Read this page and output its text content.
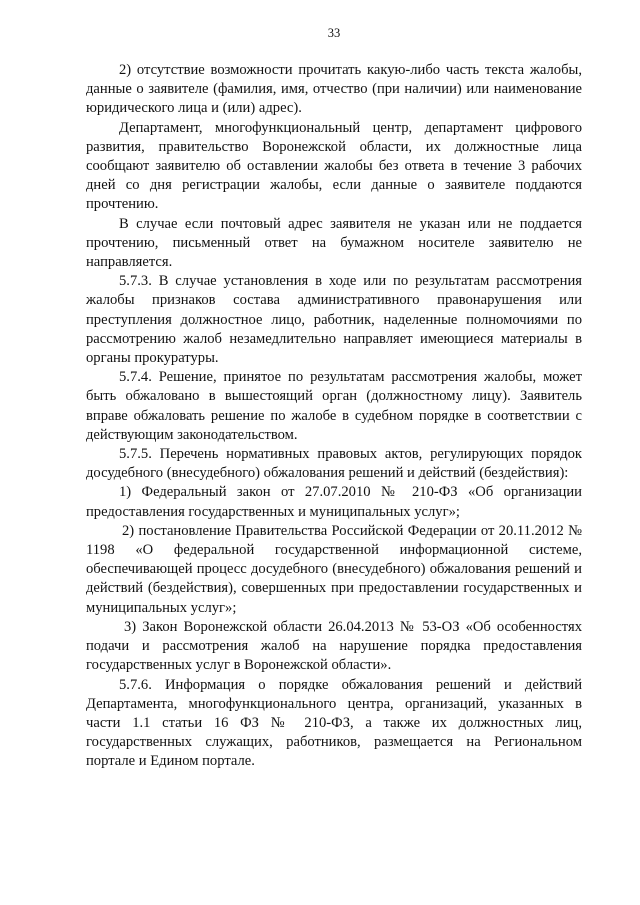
33

2) отсутствие возможности прочитать какую-либо часть текста жалобы, данные о заявителе (фамилия, имя, отчество (при наличии) или наименование юридического лица и (или) адрес).

Департамент, многофункциональный центр, департамент цифрового развития, правительство Воронежской области, их должностные лица сообщают заявителю об оставлении жалобы без ответа в течение 3 рабочих дней со дня регистрации жалобы, если данные о заявителе поддаются прочтению.

В случае если почтовый адрес заявителя не указан или не поддается прочтению, письменный ответ на бумажном носителе заявителю не направляется.

5.7.3. В случае установления в ходе или по результатам рассмотрения жалобы признаков состава административного правонарушения или преступления должностное лицо, работник, наделенные полномочиями по рассмотрению жалоб незамедлительно направляет имеющиеся материалы в органы прокуратуры.

5.7.4. Решение, принятое по результатам рассмотрения жалобы, может быть обжаловано в вышестоящий орган (должностному лицу). Заявитель вправе обжаловать решение по жалобе в судебном порядке в соответствии с действующим законодательством.

5.7.5. Перечень нормативных правовых актов, регулирующих порядок досудебного (внесудебного) обжалования решений и действий (бездействия):

1) Федеральный закон от 27.07.2010 № 210-ФЗ «Об организации предоставления государственных и муниципальных услуг»;

2) постановление Правительства Российской Федерации от 20.11.2012 № 1198 «О федеральной государственной информационной системе, обеспечивающей процесс досудебного (внесудебного) обжалования решений и действий (бездействия), совершенных при предоставлении государственных и муниципальных услуг»;

3) Закон Воронежской области 26.04.2013 № 53-ОЗ «Об особенностях подачи и рассмотрения жалоб на нарушение порядка предоставления государственных услуг в Воронежской области».

5.7.6. Информация о порядке обжалования решений и действий Департамента, многофункционального центра, организаций, указанных в части 1.1 статьи 16 ФЗ № 210-ФЗ, а также их должностных лиц, государственных служащих, работников, размещается на Региональном портале и Едином портале.
